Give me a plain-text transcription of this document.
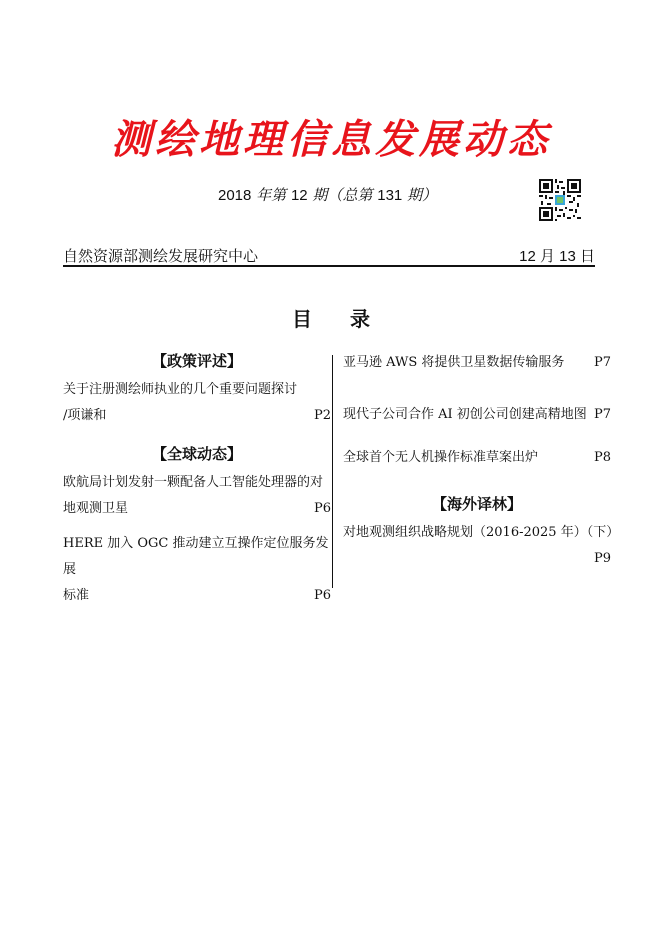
测绘地理信息发展动态
2018 年第 12 期（总第 131 期）
自然资源部测绘发展研究中心	12 月 13 日
目 录
【政策评述】
关于注册测绘师执业的几个重要问题探讨
/项谦和	P2
【全球动态】
欧航局计划发射一颗配备人工智能处理器的对
地观测卫星	P6
HERE 加入 OGC 推动建立互操作定位服务发展
标准	P6
亚马逊 AWS 将提供卫星数据传输服务 P7
现代子公司合作 AI 初创公司创建高精地图 P7
全球首个无人机操作标准草案出炉	P8
【海外译林】
对地观测组织战略规划（2016-2025 年）（下）
P9
